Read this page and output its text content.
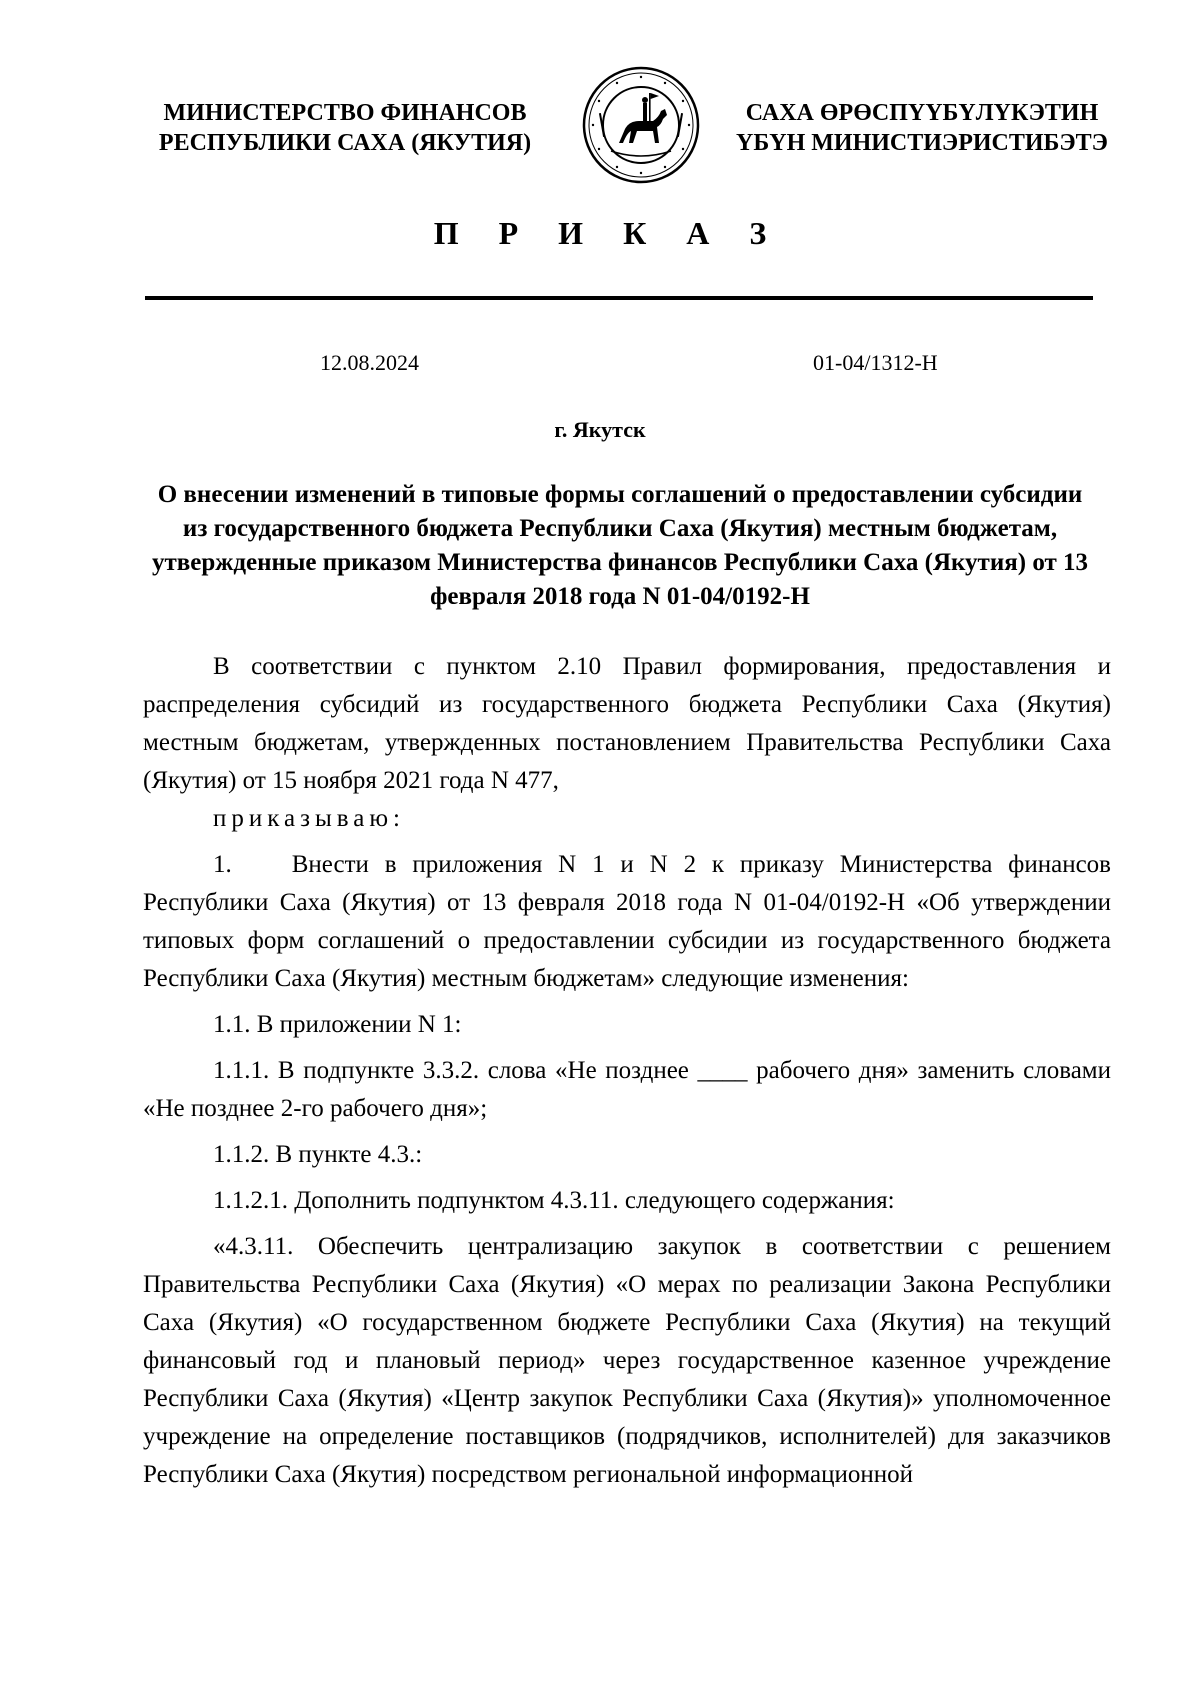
МИНИСТЕРСТВО ФИНАНСОВ
РЕСПУБЛИКИ САХА (ЯКУТИЯ)
САХА ӨРӨСПҮҮБҮЛҮКЭТИН
ҮБҮН МИНИСТИЭРИСТИБЭТЭ
П Р И К А З
12.08.2024	01-04/1312-Н
г. Якутск
О внесении изменений в типовые формы соглашений о предоставлении субсидии из государственного бюджета Республики Саха (Якутия) местным бюджетам, утвержденные приказом Министерства финансов Республики Саха (Якутия) от 13 февраля 2018 года N 01-04/0192-Н

В соответствии с пунктом 2.10 Правил формирования, предоставления и распределения субсидий из государственного бюджета Республики Саха (Якутия) местным бюджетам, утвержденных постановлением Правительства Республики Саха (Якутия) от 15 ноября 2021 года N 477,

приказываю:

1. Внести в приложения N 1 и N 2 к приказу Министерства финансов Республики Саха (Якутия) от 13 февраля 2018 года N 01-04/0192-Н «Об утверждении типовых форм соглашений о предоставлении субсидии из государственного бюджета Республики Саха (Якутия) местным бюджетам» следующие изменения:

1.1. В приложении N 1:

1.1.1. В подпункте 3.3.2. слова «Не позднее ____ рабочего дня» заменить словами «Не позднее 2-го рабочего дня»;

1.1.2. В пункте 4.3.:

1.1.2.1. Дополнить подпунктом 4.3.11. следующего содержания:

«4.3.11. Обеспечить централизацию закупок в соответствии с решением Правительства Республики Саха (Якутия) «О мерах по реализации Закона Республики Саха (Якутия) «О государственном бюджете Республики Саха (Якутия) на текущий финансовый год и плановый период» через государственное казенное учреждение Республики Саха (Якутия) «Центр закупок Республики Саха (Якутия)» уполномоченное учреждение на определение поставщиков (подрядчиков, исполнителей) для заказчиков Республики Саха (Якутия) посредством региональной информационной
